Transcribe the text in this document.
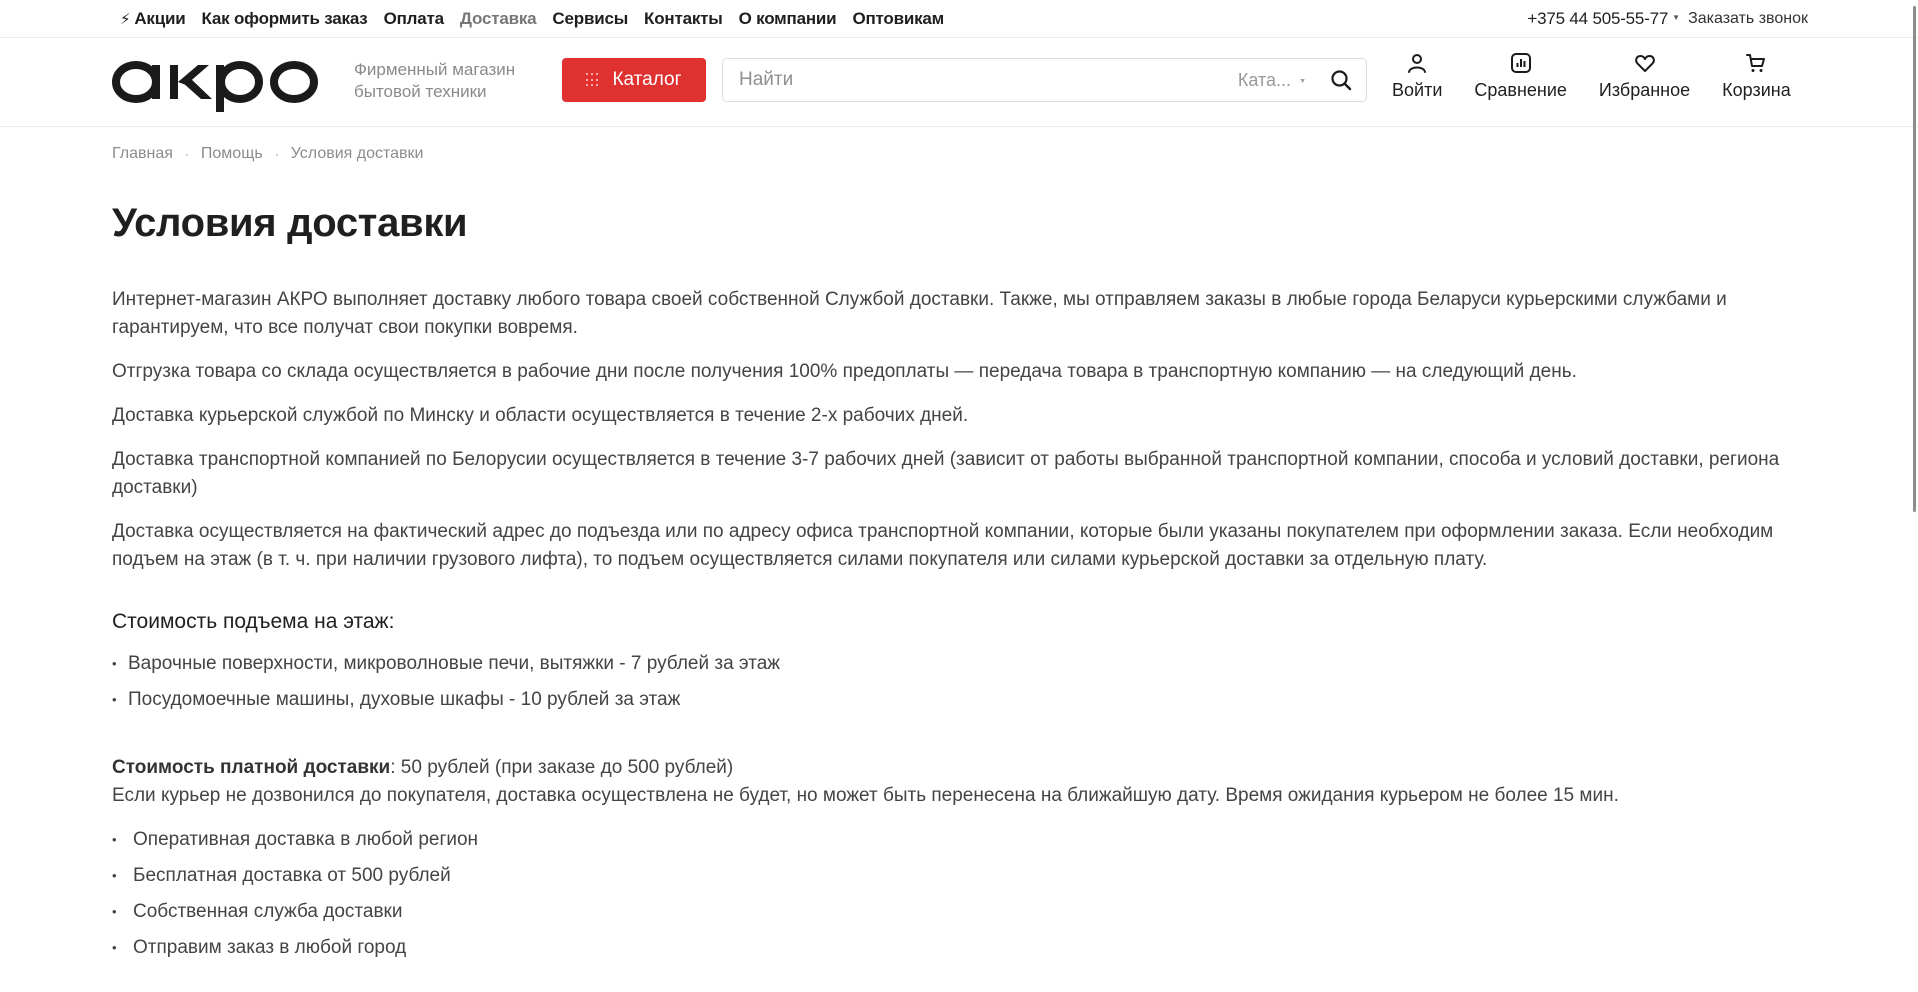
⚡︎ Акции Как оформить заказ Оплата Доставка Сервисы Контакты О компании Оптовикам	+375 44 505-55-77 ▼ Заказать звонок
Фирменный магазин
бытовой техники
Каталог
Найти	Ката... ▼	Войти Сравнение Избранное Корзина
Главная · Помощь · Условия доставки
Условия доставки

Интернет-магазин АКРО выполняет доставку любого товара своей собственной Службой доставки. Также, мы отправляем заказы в любые города Беларуси курьерскими службами и гарантируем, что все получат свои покупки вовремя.

Отгрузка товара со склада осуществляется в рабочие дни после получения 100% предоплаты — передача товара в транспортную компанию — на следующий день.

Доставка курьерской службой по Минску и области осуществляется в течение 2-х рабочих дней.

Доставка транспортной компанией по Белорусии осуществляется в течение 3-7 рабочих дней (зависит от работы выбранной транспортной компании, способа и условий доставки, региона доставки)

Доставка осуществляется на фактический адрес до подъезда или по адресу офиса транспортной компании, которые были указаны покупателем при оформлении заказа. Если необходим подъем на этаж (в т. ч. при наличии грузового лифта), то подъем осуществляется силами покупателя или силами курьерской доставки за отдельную плату.

Стоимость подъема на этаж:
• Варочные поверхности, микроволновые печи, вытяжки - 7 рублей за этаж
• Посудомоечные машины, духовые шкафы - 10 рублей за этаж
Стоимость платной доставки: 50 рублей (при заказе до 500 рублей)
Если курьер не дозвонился до покупателя, доставка осуществлена не будет, но может быть перенесена на ближайшую дату. Время ожидания курьером не более 15 мин.
• Оперативная доставка в любой регион
• Бесплатная доставка от 500 рублей
• Собственная служба доставки
• Отправим заказ в любой город
